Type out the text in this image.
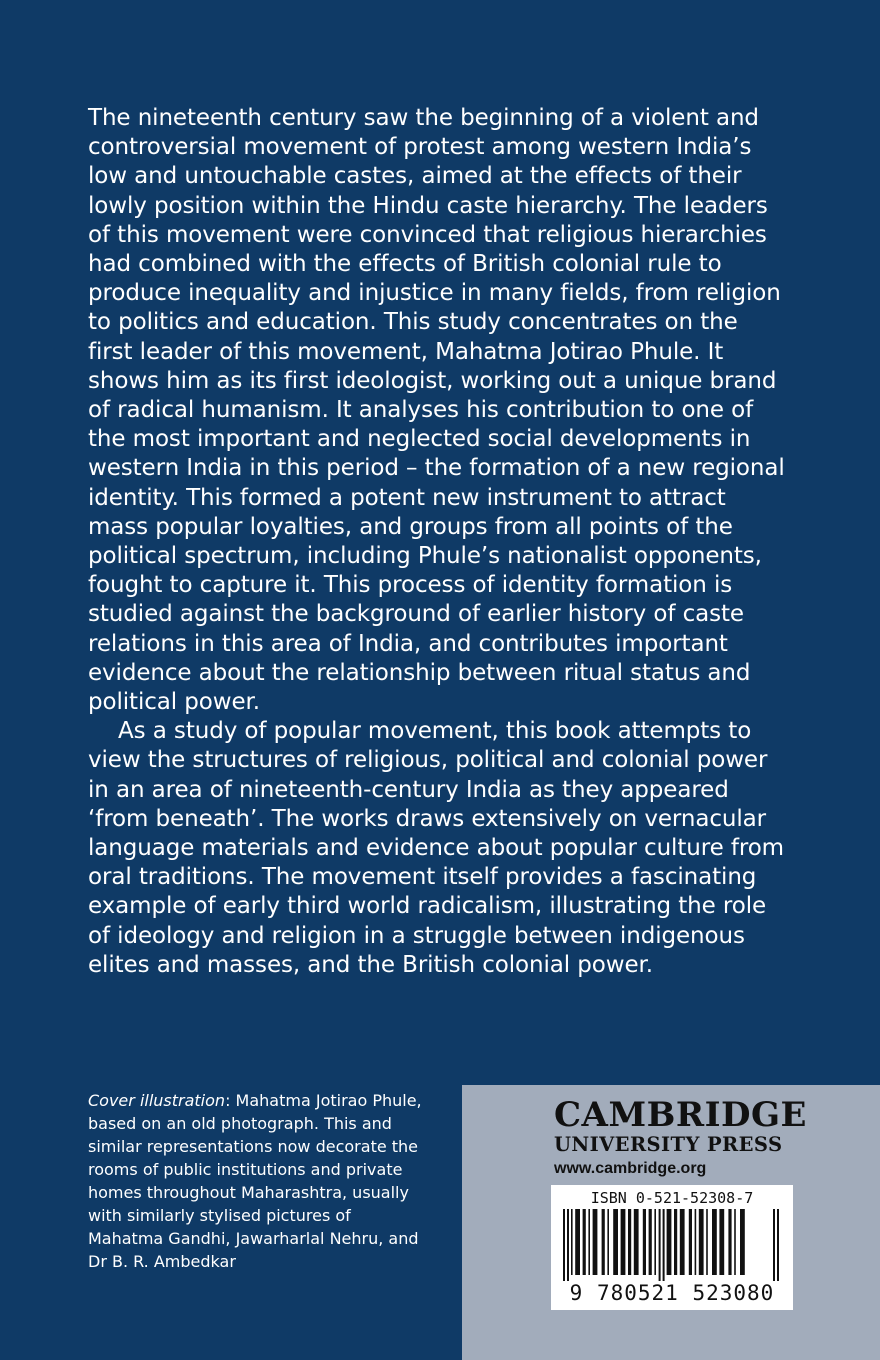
The nineteenth century saw the beginning of a violent and controversial movement of protest among western India’s low and untouchable castes, aimed at the effects of their lowly position within the Hindu caste hierarchy. The leaders of this movement were convinced that religious hierarchies had combined with the effects of British colonial rule to produce inequality and injustice in many fields, from religion to politics and education. This study concentrates on the first leader of this movement, Mahatma Jotirao Phule. It shows him as its first ideologist, working out a unique brand of radical humanism. It analyses his contribution to one of the most important and neglected social developments in western India in this period – the formation of a new regional identity. This formed a potent new instrument to attract mass popular loyalties, and groups from all points of the political spectrum, including Phule’s nationalist opponents, fought to capture it. This process of identity formation is studied against the background of earlier history of caste relations in this area of India, and contributes important evidence about the relationship between ritual status and political power.

As a study of popular movement, this book attempts to view the structures of religious, political and colonial power in an area of nineteenth-century India as they appeared ‘from beneath’. The works draws extensively on vernacular language materials and evidence about popular culture from oral traditions. The movement itself provides a fascinating example of early third world radicalism, illustrating the role of ideology and religion in a struggle between indigenous elites and masses, and the British colonial power.

Cover illustration: Mahatma Jotirao Phule, based on an old photograph. This and similar representations now decorate the rooms of public institutions and private homes throughout Maharashtra, usually with similarly stylised pictures of Mahatma Gandhi, Jawarharlal Nehru, and Dr B. R. Ambedkar
CAMBRIDGE
UNIVERSITY PRESS
www.cambridge.org
ISBN 0-521-52308-7
9 780521 523080
